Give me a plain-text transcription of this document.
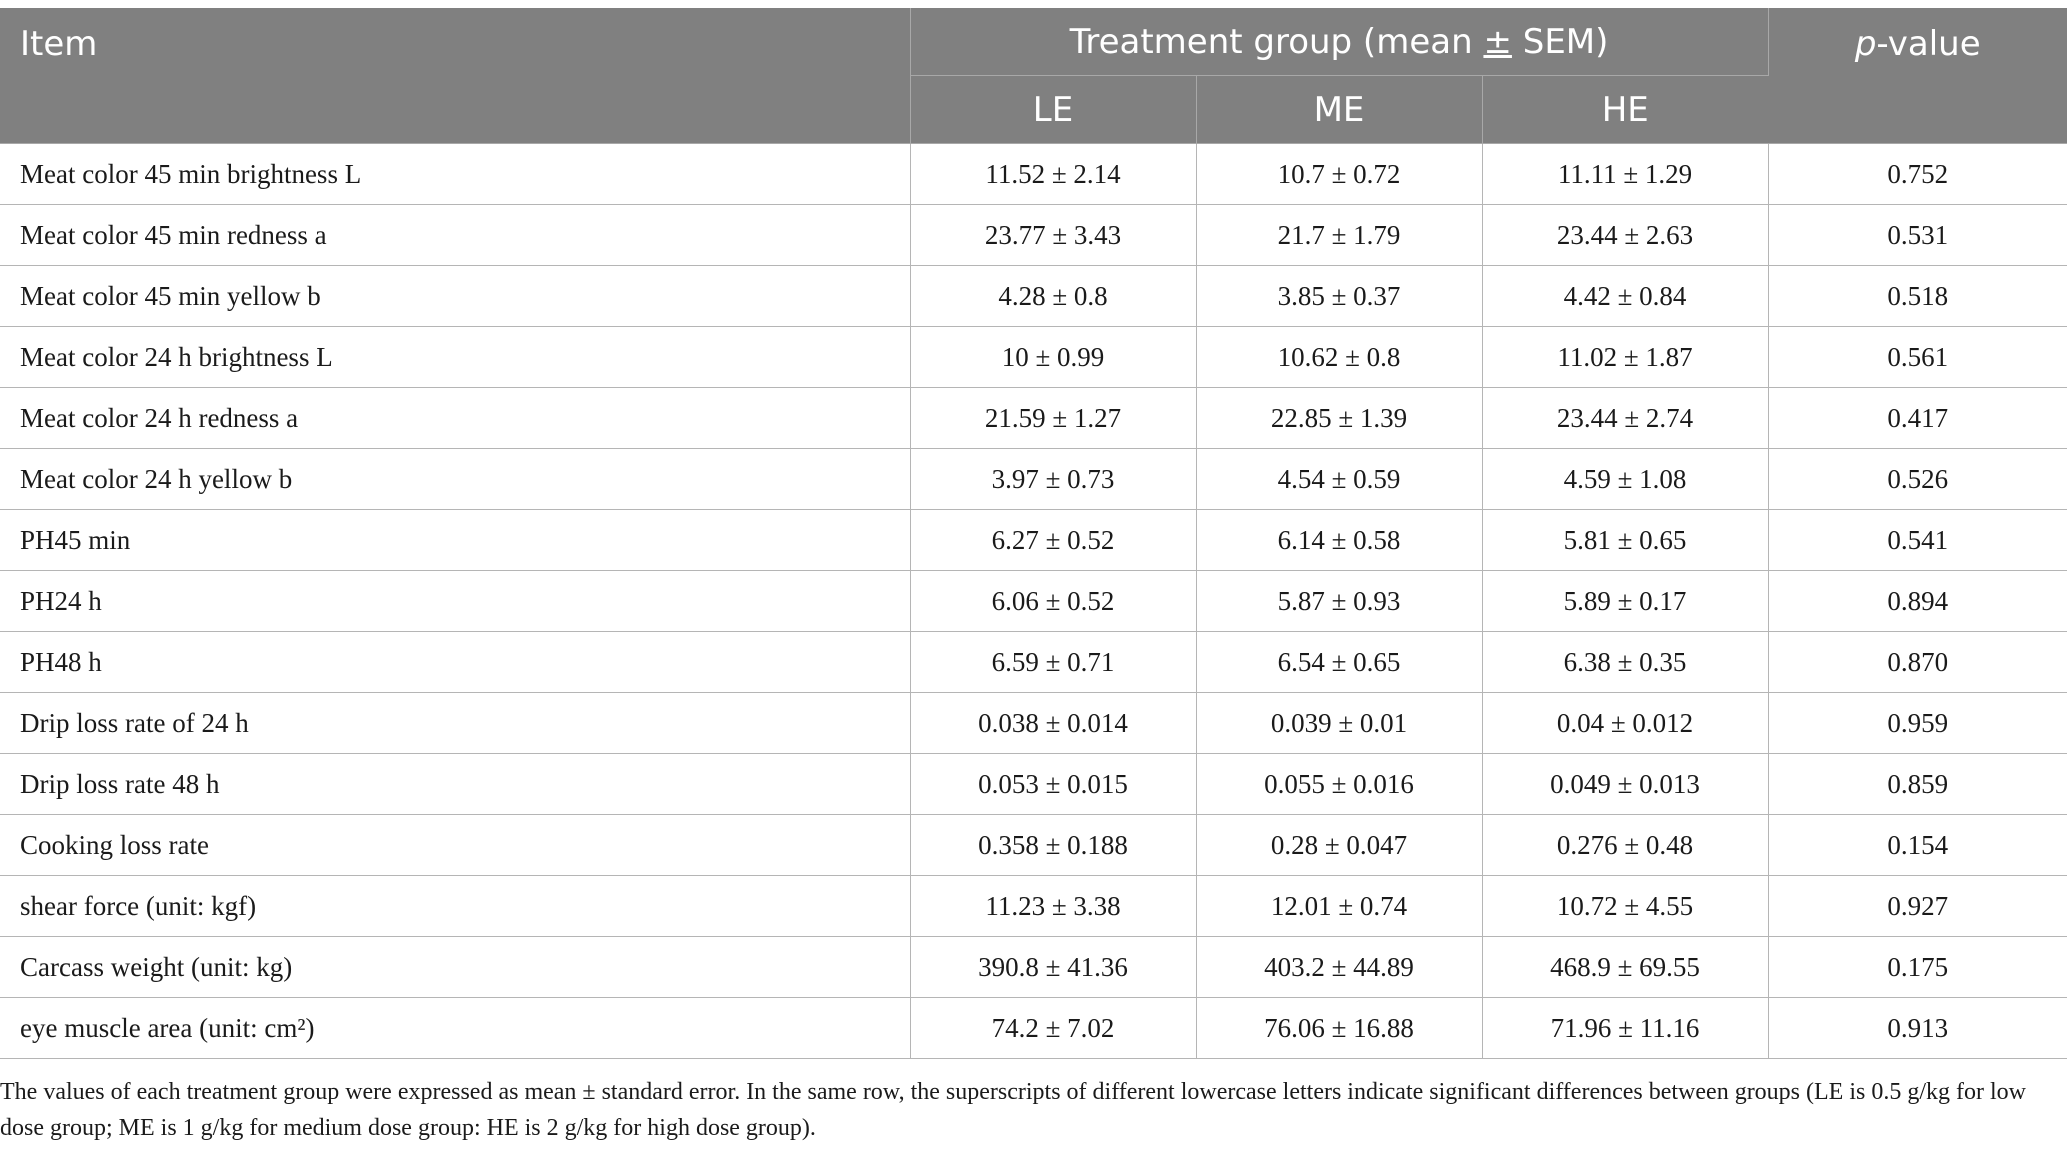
Item	Treatment group (mean ± SEM)			p-value
	LE	ME	HE	
Meat color 45 min brightness L	11.52 ± 2.14	10.7 ± 0.72	11.11 ± 1.29	0.752
Meat color 45 min redness a	23.77 ± 3.43	21.7 ± 1.79	23.44 ± 2.63	0.531
Meat color 45 min yellow b	4.28 ± 0.8	3.85 ± 0.37	4.42 ± 0.84	0.518
Meat color 24 h brightness L	10 ± 0.99	10.62 ± 0.8	11.02 ± 1.87	0.561
Meat color 24 h redness a	21.59 ± 1.27	22.85 ± 1.39	23.44 ± 2.74	0.417
Meat color 24 h yellow b	3.97 ± 0.73	4.54 ± 0.59	4.59 ± 1.08	0.526
PH45 min	6.27 ± 0.52	6.14 ± 0.58	5.81 ± 0.65	0.541
PH24 h	6.06 ± 0.52	5.87 ± 0.93	5.89 ± 0.17	0.894
PH48 h	6.59 ± 0.71	6.54 ± 0.65	6.38 ± 0.35	0.870
Drip loss rate of 24 h	0.038 ± 0.014	0.039 ± 0.01	0.04 ± 0.012	0.959
Drip loss rate 48 h	0.053 ± 0.015	0.055 ± 0.016	0.049 ± 0.013	0.859
Cooking loss rate	0.358 ± 0.188	0.28 ± 0.047	0.276 ± 0.48	0.154
shear force (unit: kgf)	11.23 ± 3.38	12.01 ± 0.74	10.72 ± 4.55	0.927
Carcass weight (unit: kg)	390.8 ± 41.36	403.2 ± 44.89	468.9 ± 69.55	0.175
eye muscle area (unit: cm²)	74.2 ± 7.02	76.06 ± 16.88	71.96 ± 11.16	0.913
The values of each treatment group were expressed as mean ± standard error. In the same row, the superscripts of different lowercase letters indicate significant differences between groups (LE is 0.5 g/kg for low dose group; ME is 1 g/kg for medium dose group: HE is 2 g/kg for high dose group).
